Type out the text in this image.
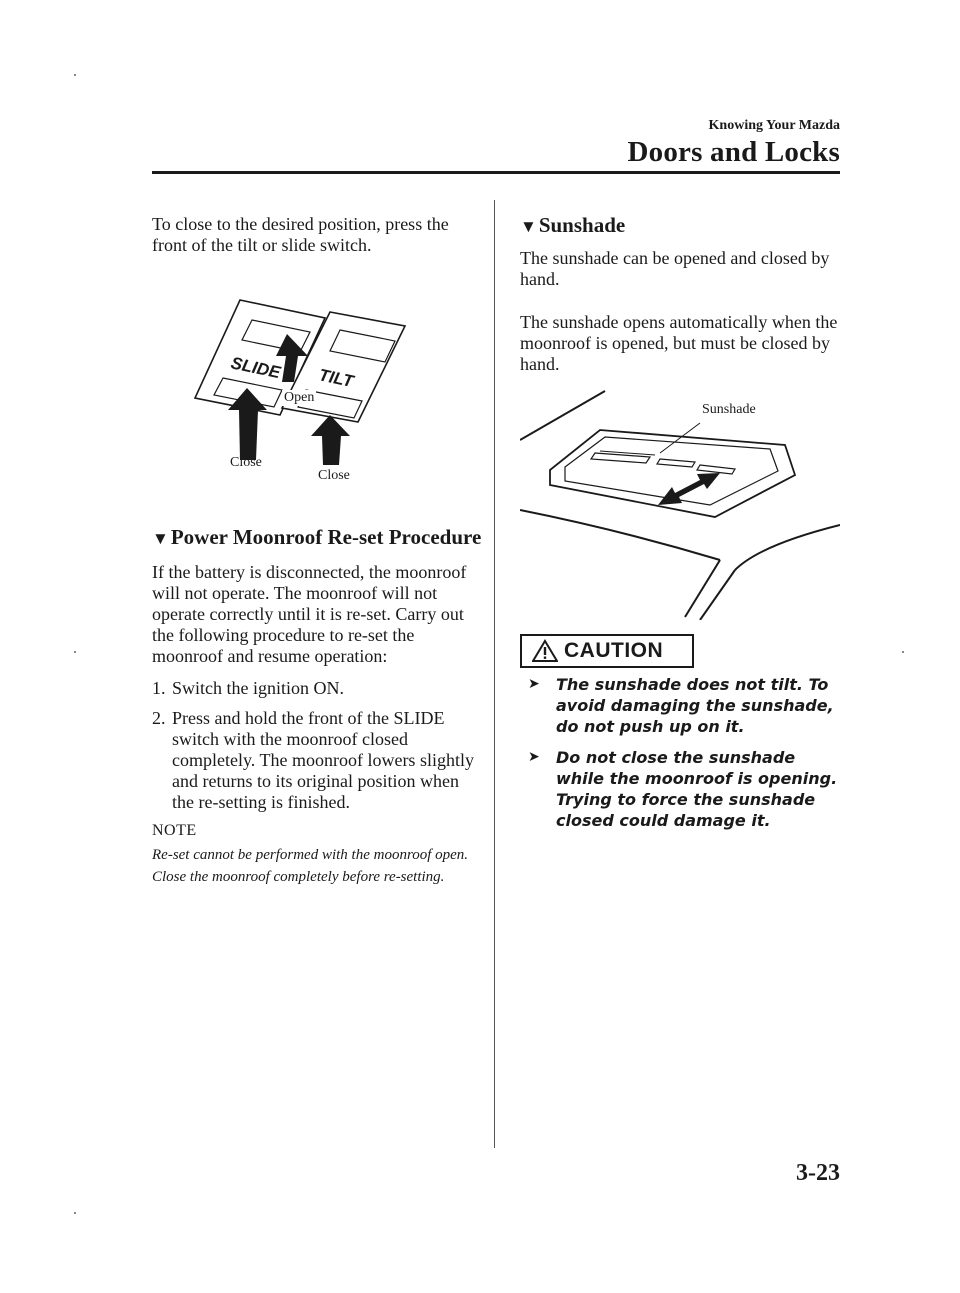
Knowing Your Mazda
Doors and Locks
To close to the desired position, press the front of the tilt or slide switch.
SLIDE TILT
Open
Close
Close
▼Power Moonroof Re-set Procedure
If the battery is disconnected, the moonroof will not operate. The moonroof will not operate correctly until it is re-set. Carry out the following procedure to re-set the moonroof and resume operation:
1. Switch the ignition ON.
2. Press and hold the front of the SLIDE switch with the moonroof closed completely. The moonroof lowers slightly and returns to its original position when the re-setting is finished.
NOTE
Re-set cannot be performed with the moonroof open. Close the moonroof completely before re-setting.
▼Sunshade
The sunshade can be opened and closed by hand.
The sunshade opens automatically when the moonroof is opened, but must be closed by hand.
Sunshade
CAUTION
➤ The sunshade does not tilt. To avoid damaging the sunshade, do not push up on it.
➤ Do not close the sunshade while the moonroof is opening. Trying to force the sunshade closed could damage it.
3-23
